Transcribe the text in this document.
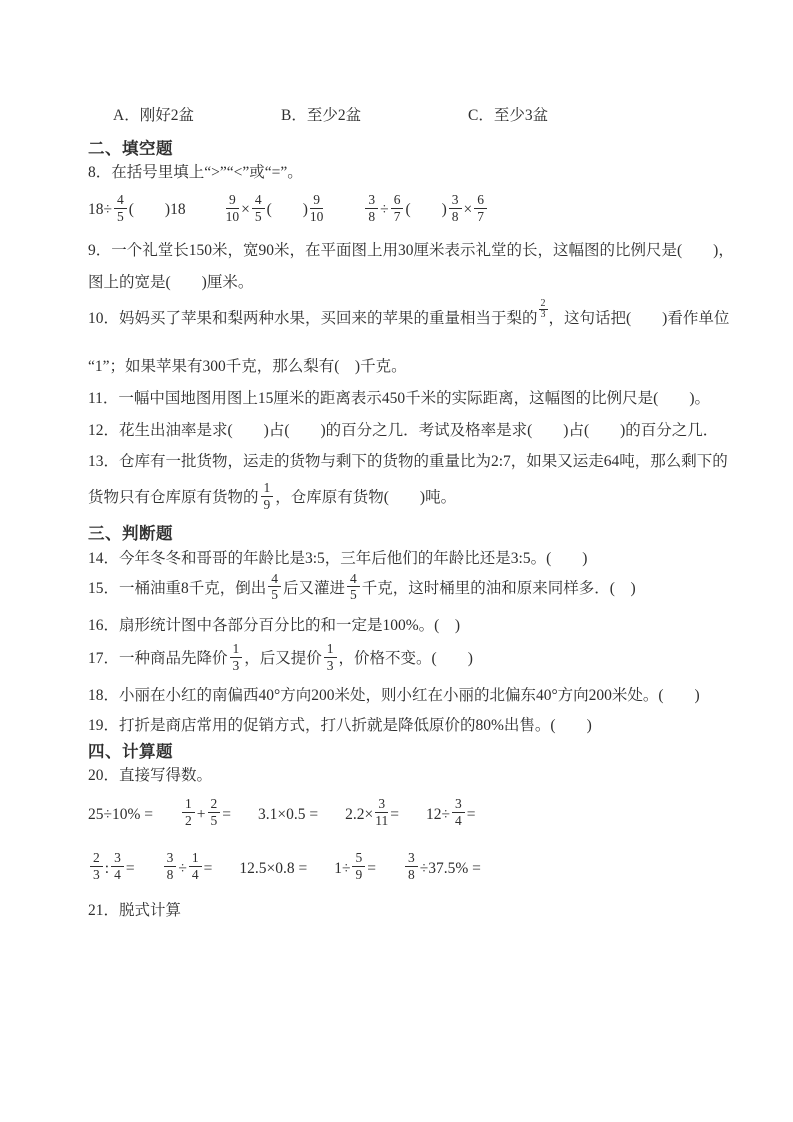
A．刚好2盆	B．至少2盆	C．至少3盆
二、填空题

8．在括号里填上“>”“<”或“=”。

$18\div \frac{4}{5}$ (　　)18	$\frac{9}{10} \times \frac{4}{5}$ (　　) $\frac{9}{10}$	$\frac{3}{8} \div \frac{6}{7}$ (　　) $\frac{3}{8} \times \frac{6}{7}$

9．一个礼堂长150米，宽90米，在平面图上用30厘米表示礼堂的长，这幅图的比例尺是(　　)，

图上的宽是(　　)厘米。

10．妈妈买了苹果和梨两种水果，买回来的苹果的重量相当于梨的 $\frac{2}{3}$ ，这句话把(　　)看作单位

“1”；如果苹果有300千克，那么梨有(　)千克。

11．一幅中国地图用图上15厘米的距离表示450千米的实际距离，这幅图的比例尺是(　　)。

12．花生出油率是求(　　)占(　　)的百分之几．考试及格率是求(　　)占(　　)的百分之几．

13．仓库有一批货物，运走的货物与剩下的货物的重量比为2:7，如果又运走64吨，那么剩下的

货物只有仓库原有货物的 $\frac{1}{9}$ ，仓库原有货物(　　)吨。

三、判断题

14．今年冬冬和哥哥的年龄比是3:5，三年后他们的年龄比还是3:5。(　　)

15．一桶油重8千克，倒出 $\frac{4}{5}$ 后又灌进 $\frac{4}{5}$ 千克，这时桶里的油和原来同样多．(　)

16．扇形统计图中各部分百分比的和一定是100%。(　)

17．一种商品先降价 $\frac{1}{3}$ ，后又提价 $\frac{1}{3}$ ，价格不变。(　　)

18．小丽在小红的南偏西40°方向200米处，则小红在小丽的北偏东40°方向200米处。(　　)

19．打折是商店常用的促销方式，打八折就是降低原价的80%出售。(　　)

四、计算题

20．直接写得数。

$25\div 10\% = \frac{1}{2} + \frac{2}{5} = 3.1\times 0.5 = 2.2\times \frac{3}{11} = 12\div \frac{3}{4}$ =
$\frac{2}{3}$ : $\frac{3}{4} = \frac{3}{8} \div \frac{1}{4} = 12.5\times 0.8 = 1\div \frac{5}{9} = \frac{3}{8} \div 37.5\%$ =

21．脱式计算
